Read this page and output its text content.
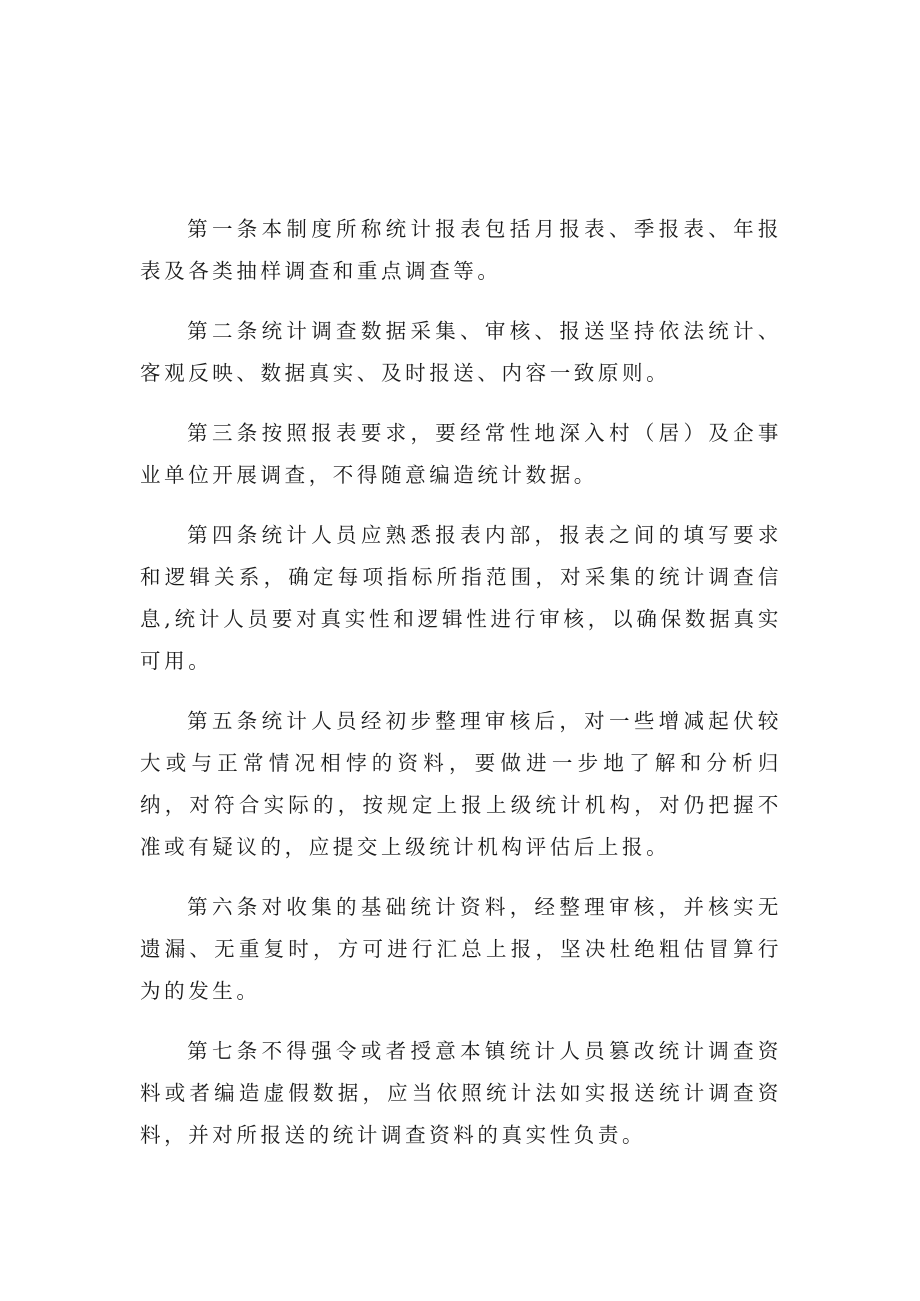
第一条本制度所称统计报表包括月报表、季报表、年报表及各类抽样调查和重点调查等。

第二条统计调查数据采集、审核、报送坚持依法统计、客观反映、数据真实、及时报送、内容一致原则。

第三条按照报表要求，要经常性地深入村（居）及企事业单位开展调查，不得随意编造统计数据。

第四条统计人员应熟悉报表内部，报表之间的填写要求和逻辑关系，确定每项指标所指范围，对采集的统计调查信息,统计人员要对真实性和逻辑性进行审核，以确保数据真实可用。

第五条统计人员经初步整理审核后，对一些增减起伏较大或与正常情况相悖的资料，要做进一步地了解和分析归纳，对符合实际的，按规定上报上级统计机构，对仍把握不准或有疑议的，应提交上级统计机构评估后上报。

第六条对收集的基础统计资料，经整理审核，并核实无遗漏、无重复时，方可进行汇总上报，坚决杜绝粗估冒算行为的发生。

第七条不得强令或者授意本镇统计人员篡改统计调查资料或者编造虚假数据，应当依照统计法如实报送统计调查资料，并对所报送的统计调查资料的真实性负责。
